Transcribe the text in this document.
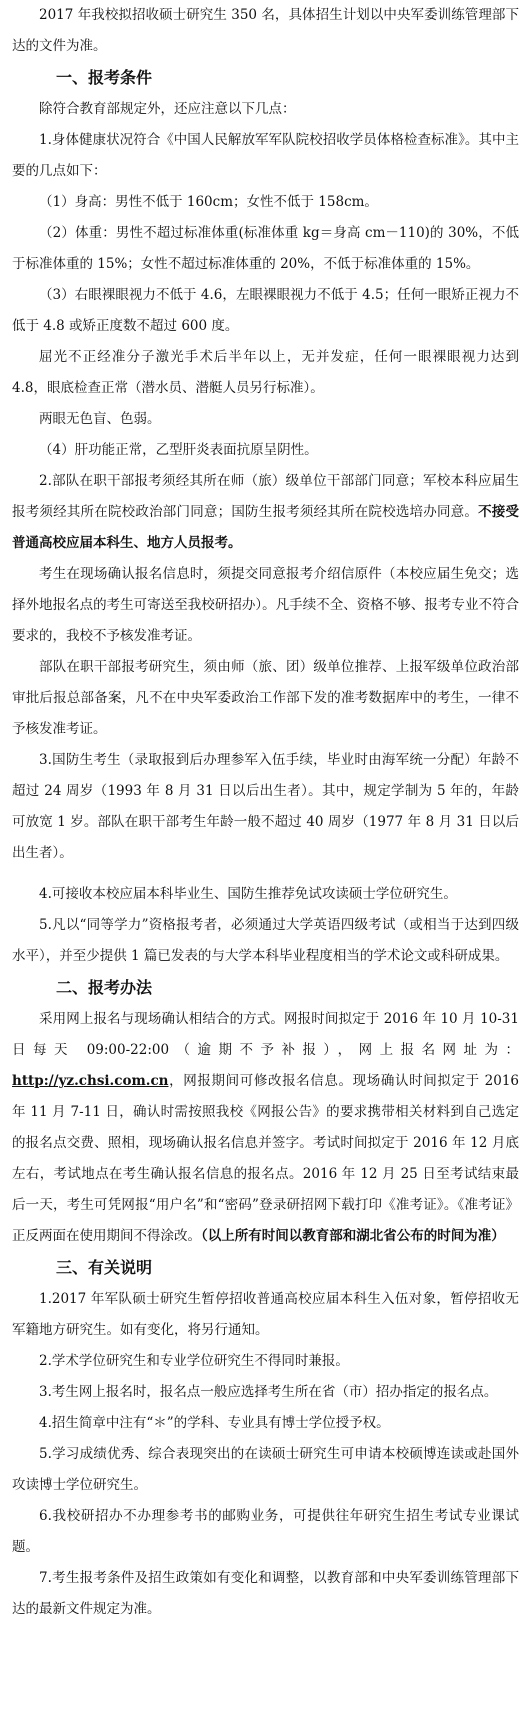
2017 年我校拟招收硕士研究生 350 名，具体招生计划以中央军委训练管理部下达的文件为准。

一、报考条件

除符合教育部规定外，还应注意以下几点：

1.身体健康状况符合《中国人民解放军军队院校招收学员体格检查标准》。其中主要的几点如下：

（1）身高：男性不低于 160cm；女性不低于 158cm。

（2）体重：男性不超过标准体重(标准体重 kg＝身高 cm－110)的 30%，不低于标准体重的 15%；女性不超过标准体重的 20%，不低于标准体重的 15%。

（3）右眼裸眼视力不低于 4.6，左眼裸眼视力不低于 4.5；任何一眼矫正视力不低于 4.8 或矫正度数不超过 600 度。

屈光不正经准分子激光手术后半年以上，无并发症，任何一眼裸眼视力达到 4.8，眼底检查正常（潜水员、潜艇人员另行标准）。

两眼无色盲、色弱。

（4）肝功能正常，乙型肝炎表面抗原呈阴性。

2.部队在职干部报考须经其所在师（旅）级单位干部部门同意；军校本科应届生报考须经其所在院校政治部门同意；国防生报考须经其所在院校选培办同意。不接受普通高校应届本科生、地方人员报考。

考生在现场确认报名信息时，须提交同意报考介绍信原件（本校应届生免交；选择外地报名点的考生可寄送至我校研招办）。凡手续不全、资格不够、报考专业不符合要求的，我校不予核发准考证。

部队在职干部报考研究生，须由师（旅、团）级单位推荐、上报军级单位政治部审批后报总部备案，凡不在中央军委政治工作部下发的准考数据库中的考生，一律不予核发准考证。

3.国防生考生（录取报到后办理参军入伍手续，毕业时由海军统一分配）年龄不超过 24 周岁（1993 年 8 月 31 日以后出生者）。其中，规定学制为 5 年的，年龄可放宽 1 岁。部队在职干部考生年龄一般不超过 40 周岁（1977 年 8 月 31 日以后出生者）。

4.可接收本校应届本科毕业生、国防生推荐免试攻读硕士学位研究生。

5.凡以“同等学力”资格报考者，必须通过大学英语四级考试（或相当于达到四级水平），并至少提供 1 篇已发表的与大学本科毕业程度相当的学术论文或科研成果。

二、报考办法

采用网上报名与现场确认相结合的方式。网报时间拟定于 2016 年 10 月 10-31 日每天 09:00-22:00（逾期不予补报），网上报名网址为：http://yz.chsi.com.cn，网报期间可修改报名信息。现场确认时间拟定于 2016 年 11 月 7-11 日，确认时需按照我校《网报公告》的要求携带相关材料到自己选定的报名点交费、照相，现场确认报名信息并签字。考试时间拟定于 2016 年 12 月底左右，考试地点在考生确认报名信息的报名点。2016 年 12 月 25 日至考试结束最后一天，考生可凭网报“用户名”和“密码”登录研招网下载打印《准考证》。《准考证》正反两面在使用期间不得涂改。（以上所有时间以教育部和湖北省公布的时间为准）

三、有关说明

1.2017 年军队硕士研究生暂停招收普通高校应届本科生入伍对象，暂停招收无军籍地方研究生。如有变化，将另行通知。

2.学术学位研究生和专业学位研究生不得同时兼报。

3.考生网上报名时，报名点一般应选择考生所在省（市）招办指定的报名点。

4.招生简章中注有“＊”的学科、专业具有博士学位授予权。

5.学习成绩优秀、综合表现突出的在读硕士研究生可申请本校硕博连读或赴国外攻读博士学位研究生。

6.我校研招办不办理参考书的邮购业务，可提供往年研究生招生考试专业课试题。

7.考生报考条件及招生政策如有变化和调整，以教育部和中央军委训练管理部下达的最新文件规定为准。
